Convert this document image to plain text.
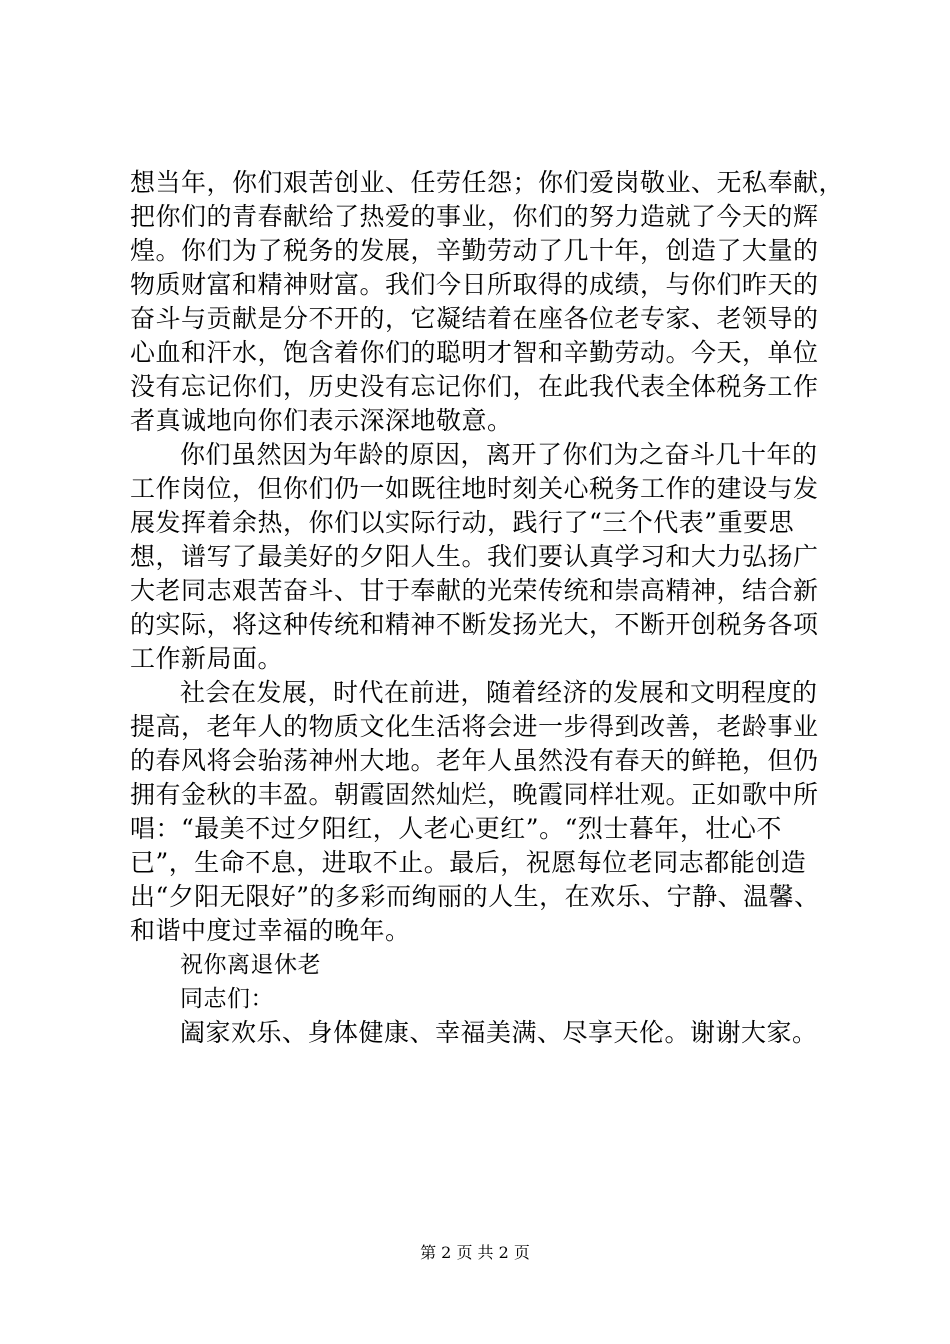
想当年，你们艰苦创业、任劳任怨；你们爱岗敬业、无私奉献，
把你们的青春献给了热爱的事业，你们的努力造就了今天的辉
煌。你们为了税务的发展，辛勤劳动了几十年，创造了大量的
物质财富和精神财富。我们今日所取得的成绩，与你们昨天的
奋斗与贡献是分不开的，它凝结着在座各位老专家、老领导的
心血和汗水，饱含着你们的聪明才智和辛勤劳动。今天，单位
没有忘记你们，历史没有忘记你们，在此我代表全体税务工作
者真诚地向你们表示深深地敬意。
你们虽然因为年龄的原因，离开了你们为之奋斗几十年的
工作岗位，但你们仍一如既往地时刻关心税务工作的建设与发
展发挥着余热，你们以实际行动，践行了“三个代表”重要思
想，谱写了最美好的夕阳人生。我们要认真学习和大力弘扬广
大老同志艰苦奋斗、甘于奉献的光荣传统和崇高精神，结合新
的实际，将这种传统和精神不断发扬光大，不断开创税务各项
工作新局面。
社会在发展，时代在前进，随着经济的发展和文明程度的
提高，老年人的物质文化生活将会进一步得到改善，老龄事业
的春风将会骀荡神州大地。老年人虽然没有春天的鲜艳，但仍
拥有金秋的丰盈。朝霞固然灿烂，晚霞同样壮观。正如歌中所
唱：“最美不过夕阳红，人老心更红”。“烈士暮年，壮心不
已”，生命不息，进取不止。最后，祝愿每位老同志都能创造
出“夕阳无限好”的多彩而绚丽的人生，在欢乐、宁静、温馨、
和谐中度过幸福的晚年。
祝你离退休老
同志们：
阖家欢乐、身体健康、幸福美满、尽享天伦。谢谢大家。
第 2 页 共 2 页
